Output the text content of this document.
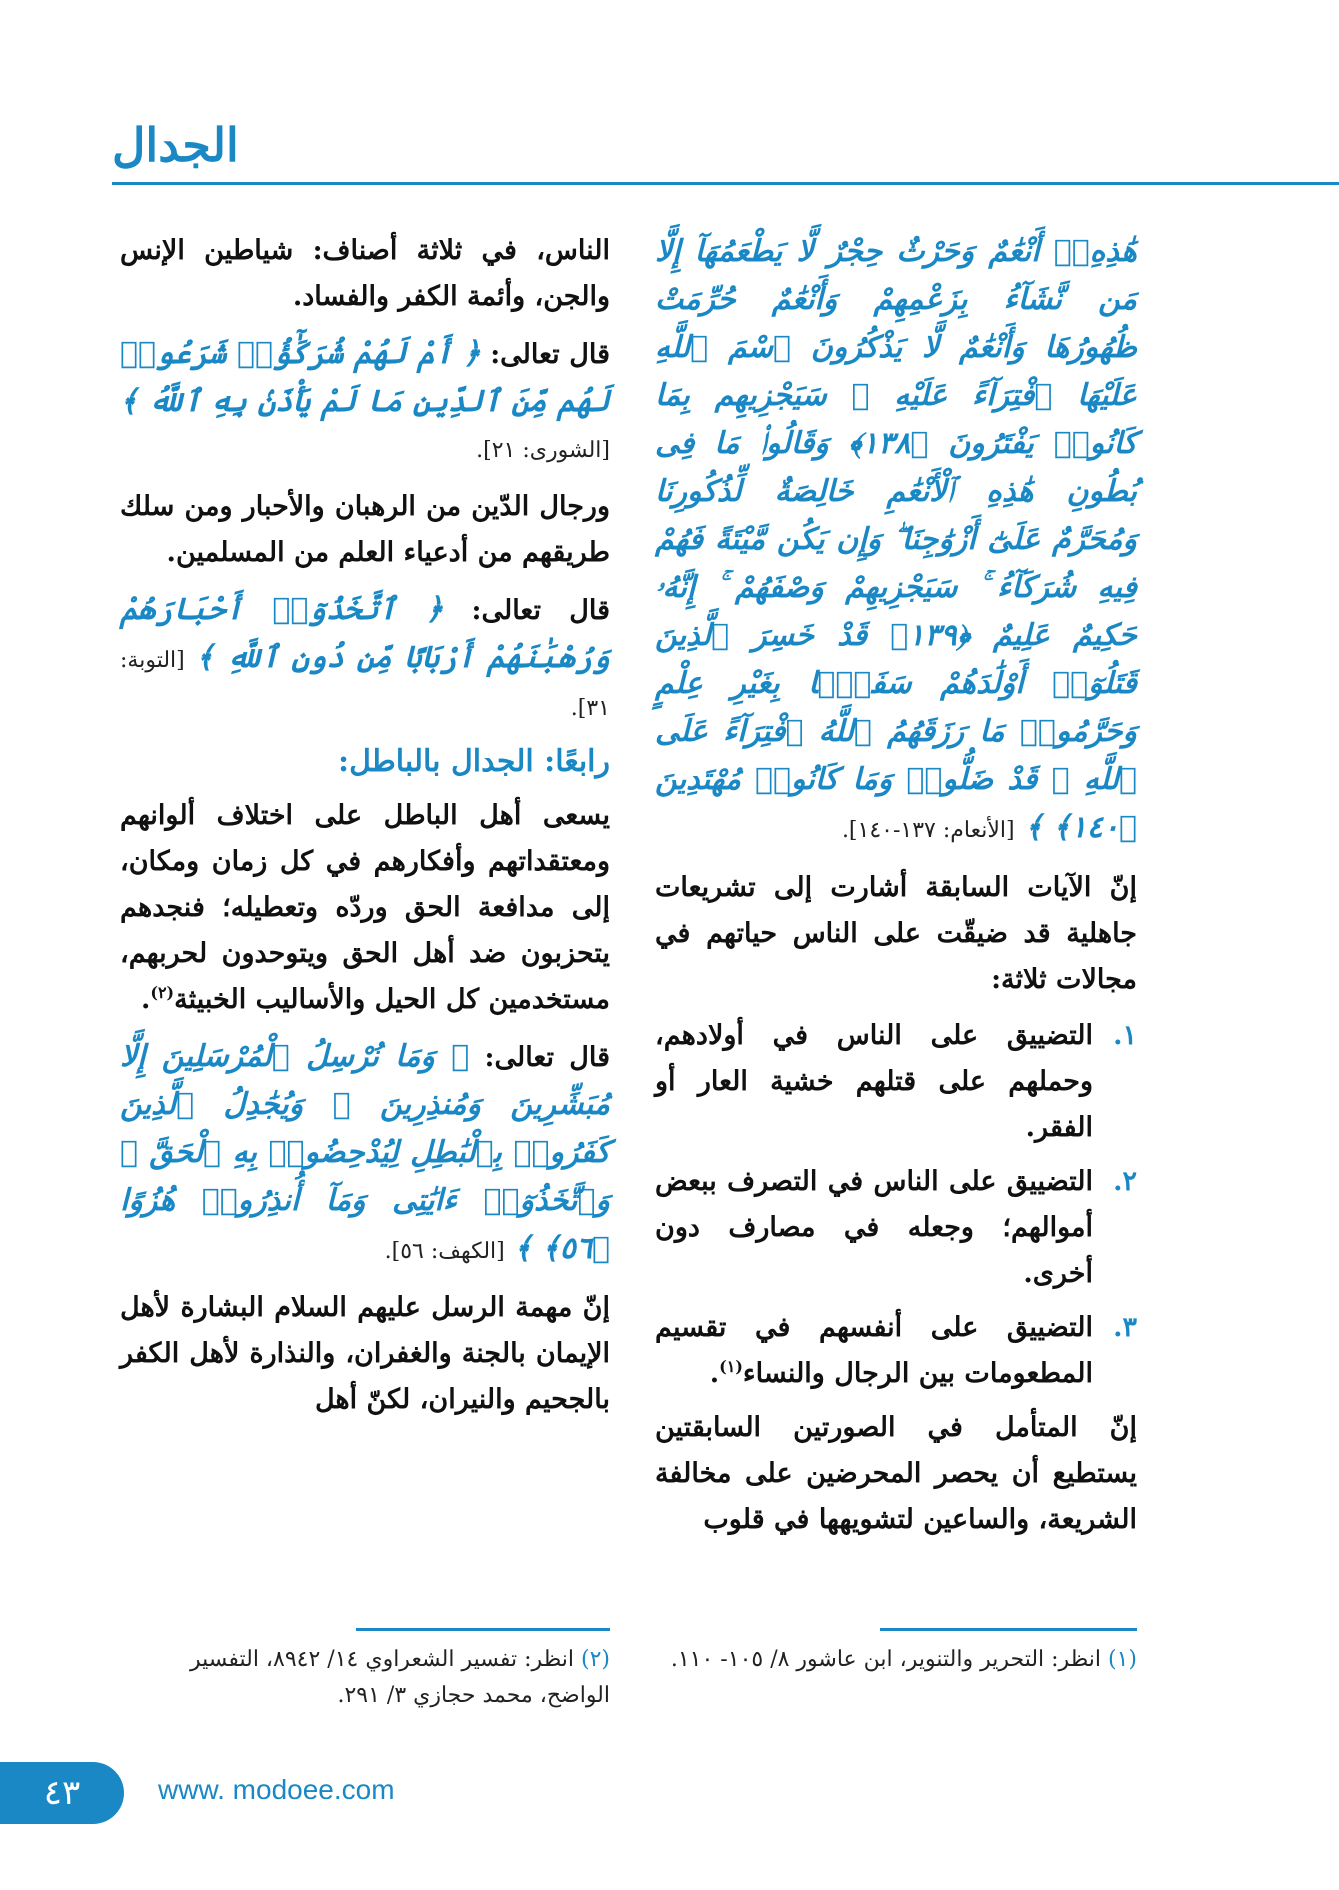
الجدال

هَٰذِهِۦٓ أَنْعَٰمٌ وَحَرْثٌ حِجْرٌ لَّا يَطْعَمُهَآ إِلَّا مَن نَّشَآءُ بِزَعْمِهِمْ وَأَنْعَٰمٌ حُرِّمَتْ ظُهُورُهَا وَأَنْعَٰمٌ لَّا يَذْكُرُونَ ٱسْمَ ٱللَّهِ عَلَيْهَا ٱفْتِرَآءً عَلَيْهِ ۚ سَيَجْزِيهِم بِمَا كَانُوا۟ يَفْتَرُونَ ﴿١٣٨﴾ وَقَالُوا۟ مَا فِى بُطُونِ هَٰذِهِ ٱلْأَنْعَٰمِ خَالِصَةٌ لِّذُكُورِنَا وَمُحَرَّمٌ عَلَىٰٓ أَزْوَٰجِنَا ۖ وَإِن يَكُن مَّيْتَةً فَهُمْ فِيهِ شُرَكَآءُ ۚ سَيَجْزِيهِمْ وَصْفَهُمْ ۚ إِنَّهُۥ حَكِيمٌ عَلِيمٌ ﴿١٣٩﴾ قَدْ خَسِرَ ٱلَّذِينَ قَتَلُوٓا۟ أَوْلَٰدَهُمْ سَفَهًۢا بِغَيْرِ عِلْمٍ وَحَرَّمُوا۟ مَا رَزَقَهُمُ ٱللَّهُ ٱفْتِرَآءً عَلَى ٱللَّهِ ۚ قَدْ ضَلُّوا۟ وَمَا كَانُوا۟ مُهْتَدِينَ ﴿١٤٠﴾ ﴾ [الأنعام: ١٣٧-١٤٠].

إنّ الآيات السابقة أشارت إلى تشريعات جاهلية قد ضيقّت على الناس حياتهم في مجالات ثلاثة:

١.
التضييق على الناس في أولادهم، وحملهم على قتلهم خشية العار أو الفقر.
٢.
التضييق على الناس في التصرف ببعض أموالهم؛ وجعله في مصارف دون أخرى.
٣.
التضييق على أنفسهم في تقسيم المطعومات بين الرجال والنساء$^{(١)}$.

إنّ المتأمل في الصورتين السابقتين يستطيع أن يحصر المحرضين على مخالفة الشريعة، والساعين لتشويهها في قلوب

الناس، في ثلاثة أصناف: شياطين الإنس والجن، وأئمة الكفر والفساد.

قال تعالى: ﴿ أَمْ لَهُمْ شُرَكَٰٓؤُا۟ شَرَعُوا۟ لَهُم مِّنَ ٱلدِّينِ مَا لَمْ يَأْذَنۢ بِهِ ٱللَّهُ ﴾ [الشورى: ٢١].

ورجال الدّين من الرهبان والأحبار ومن سلك طريقهم من أدعياء العلم من المسلمين.

قال تعالى: ﴿ ٱتَّخَذُوٓا۟ أَحْبَارَهُمْ وَرُهْبَٰنَهُمْ أَرْبَابًا مِّن دُونِ ٱللَّهِ ﴾ [التوبة: ٣١].

رابعًا: الجدال بالباطل:

يسعى أهل الباطل على اختلاف ألوانهم ومعتقداتهم وأفكارهم في كل زمان ومكان، إلى مدافعة الحق وردّه وتعطيله؛ فنجدهم يتحزبون ضد أهل الحق ويتوحدون لحربهم، مستخدمين كل الحيل والأساليب الخبيثة$^{(٢)}$.

قال تعالى: ﴿ وَمَا نُرْسِلُ ٱلْمُرْسَلِينَ إِلَّا مُبَشِّرِينَ وَمُنذِرِينَ ۚ وَيُجَٰدِلُ ٱلَّذِينَ كَفَرُوا۟ بِٱلْبَٰطِلِ لِيُدْحِضُوا۟ بِهِ ٱلْحَقَّ ۖ وَٱتَّخَذُوٓا۟ ءَايَٰتِى وَمَآ أُنذِرُوا۟ هُزُوًا ﴿٥٦﴾ ﴾ [الكهف: ٥٦].

إنّ مهمة الرسل عليهم السلام البشارة لأهل الإيمان بالجنة والغفران، والنذارة لأهل الكفر بالجحيم والنيران، لكنّ أهل

(١) انظر: التحرير والتنوير، ابن عاشور ٨/ ١٠٥- ١١٠.
(٢) انظر: تفسير الشعراوي ١٤/ ٨٩٤٢، التفسير الواضح، محمد حجازي ٣/ ٢٩١.
٤٣	www. modoee.com
